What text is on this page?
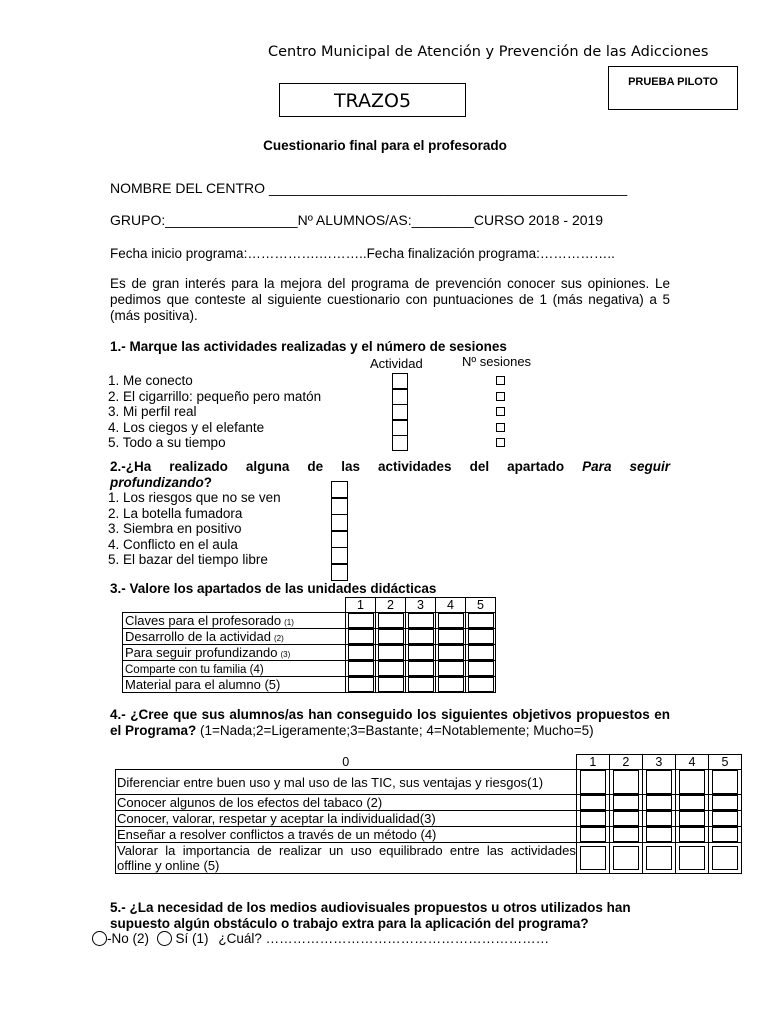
Centro Municipal de Atención y Prevención de las Adicciones
PRUEBA PILOTO
TRAZO5
Cuestionario final para el profesorado
NOMBRE DEL CENTRO ______________________________________________
GRUPO:_________________Nº ALUMNOS/AS:________CURSO 2018 - 2019
Fecha inicio programa:…………….………..Fecha finalización programa:……………..
Es de gran interés para la mejora del programa de prevención conocer sus opiniones. Le pedimos que conteste al siguiente cuestionario con puntuaciones de 1 (más negativa) a 5 (más positiva).
1.- Marque las actividades realizadas y el número de sesiones
Actividad	Nº sesiones
1. Me conecto
2. El cigarrillo: pequeño pero matón
3. Mi perfil real
4. Los ciegos y el elefante
5. Todo a su tiempo
2.-¿Ha realizado alguna de las actividades del apartado Para seguir
profundizando?
1. Los riesgos que no se ven
2. La botella fumadora
3. Siembra en positivo
4. Conflicto en el aula
5. El bazar del tiempo libre
3.- Valore los apartados de las unidades didácticas
	1	2	3	4	5
Claves para el profesorado (1)	

Desarrollo de la actividad (2)	

Para seguir profundizando (3)	

Comparte con tu familia (4)	

Material para el alumno (5)	

4.- ¿Cree que sus alumnos/as han conseguido los siguientes objetivos propuestos en el Programa? (1=Nada;2=Ligeramente;3=Bastante; 4=Notablemente; Mucho=5)
0	1	2	3	4	5
Diferenciar entre buen uso y mal uso de las TIC, sus ventajas y riesgos(1)	

Conocer algunos de los efectos del tabaco (2)	

Conocer, valorar, respetar y aceptar la individualidad(3)	

Enseñar a resolver conflictos a través de un método (4)	

Valorar la importancia de realizar un uso equilibrado entre las actividades offline y online (5)	

5.- ¿La necesidad de los medios audiovisuales propuestos u otros utilizados han supuesto algún obstáculo o trabajo extra para la aplicación del programa?
-No (2) Sí (1) ¿Cuál? ………………………………………………………
